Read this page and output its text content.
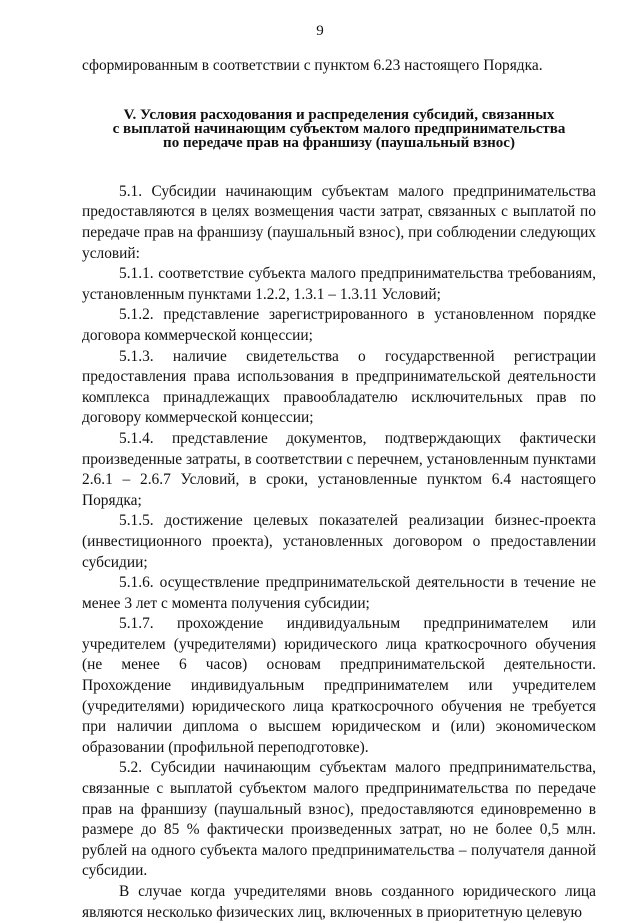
9

сформированным в соответствии с пунктом 6.23 настоящего Порядка.

V. Условия расходования и распределения субсидий, связанных
с выплатой начинающим субъектом малого предпринимательства
по передаче прав на франшизу (паушальный взнос)

5.1. Субсидии начинающим субъектам малого предпринимательства предоставляются в целях возмещения части затрат, связанных с выплатой по передаче прав на франшизу (паушальный взнос), при соблюдении следующих условий:

5.1.1. соответствие субъекта малого предпринимательства требованиям, установленным пунктами 1.2.2, 1.3.1 – 1.3.11 Условий;

5.1.2. представление зарегистрированного в установленном порядке договора коммерческой концессии;

5.1.3. наличие свидетельства о государственной регистрации предоставления права использования в предпринимательской деятельности комплекса принадлежащих правообладателю исключительных прав по договору коммерческой концессии;

5.1.4. представление документов, подтверждающих фактически произведенные затраты, в соответствии с перечнем, установленным пунктами 2.6.1 – 2.6.7 Условий, в сроки, установленные пунктом 6.4 настоящего Порядка;

5.1.5. достижение целевых показателей реализации бизнес-проекта (инвестиционного проекта), установленных договором о предоставлении субсидии;

5.1.6. осуществление предпринимательской деятельности в течение не менее 3 лет с момента получения субсидии;

5.1.7. прохождение индивидуальным предпринимателем или учредителем (учредителями) юридического лица краткосрочного обучения (не менее 6 часов) основам предпринимательской деятельности. Прохождение индивидуальным предпринимателем или учредителем (учредителями) юридического лица краткосрочного обучения не требуется при наличии диплома о высшем юридическом и (или) экономическом образовании (профильной переподготовке).

5.2. Субсидии начинающим субъектам малого предпринимательства, связанные с выплатой субъектом малого предпринимательства по передаче прав на франшизу (паушальный взнос), предоставляются единовременно в размере до 85 % фактически произведенных затрат, но не более 0,5 млн. рублей на одного субъекта малого предпринимательства – получателя данной субсидии.

В случае когда учредителями вновь созданного юридического лица являются несколько физических лиц, включенных в приоритетную целевую
